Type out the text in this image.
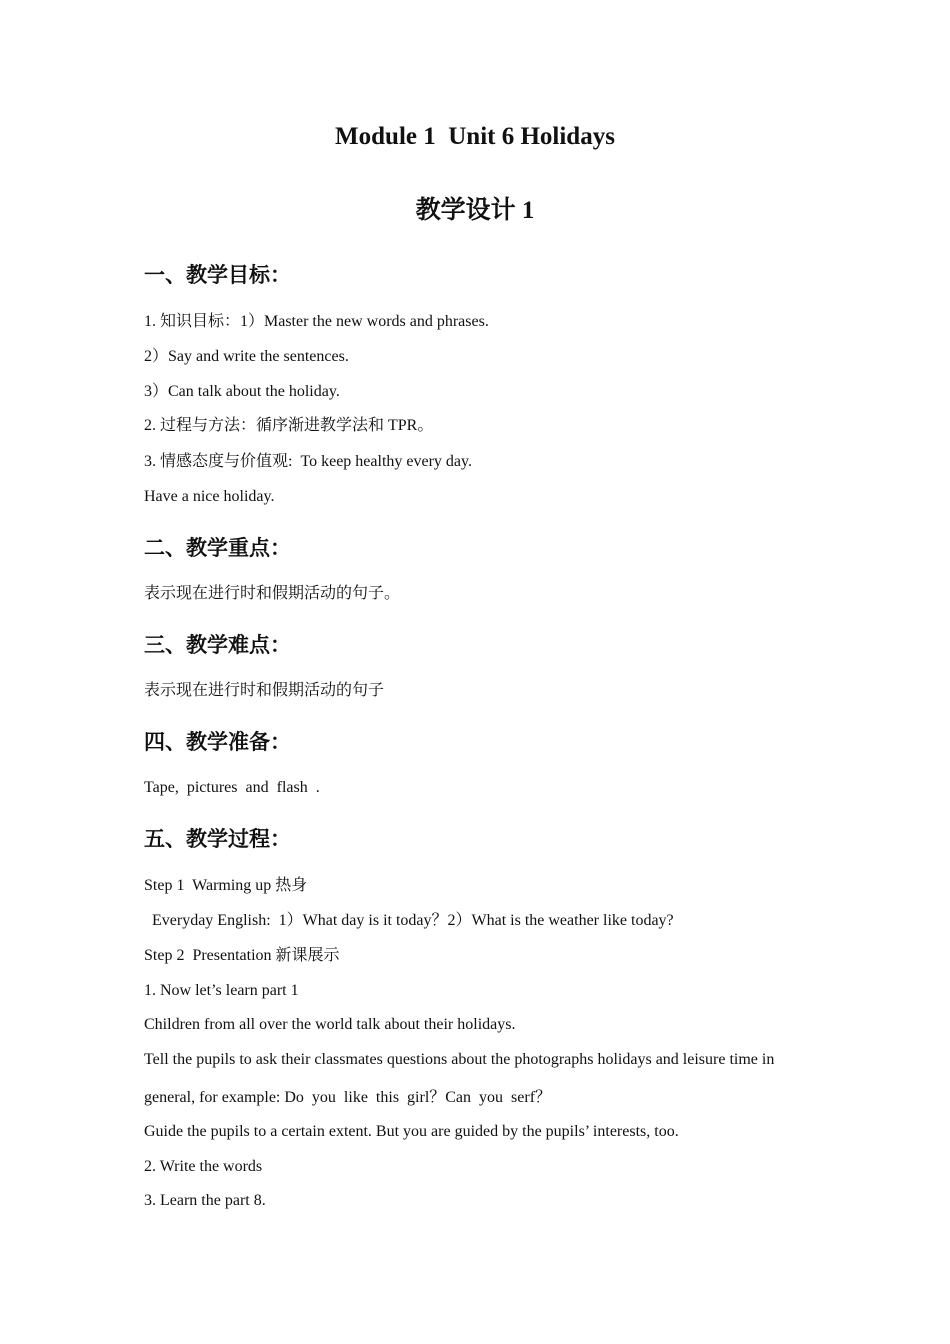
Module 1  Unit 6 Holidays
教学设计 1
一、教学目标：
1. 知识目标：1）Master the new words and phrases.
2）Say and write the sentences.
3）Can talk about the holiday.
2. 过程与方法：循序渐进教学法和 TPR。
3. 情感态度与价值观:  To keep healthy every day.
Have a nice holiday.
二、教学重点：
表示现在进行时和假期活动的句子。
三、教学难点：
表示现在进行时和假期活动的句子
四、教学准备：
Tape,  pictures  and  flash  .
五、教学过程：
Step 1  Warming up 热身
Everyday English:  1）What day is it today？2）What is the weather like today?
Step 2  Presentation 新课展示
1. Now let’s learn part 1
Children from all over the world talk about their holidays.
Tell the pupils to ask their classmates questions about the photographs holidays and leisure time in
general, for example: Do  you  like  this  girl？Can  you  serf？
Guide the pupils to a certain extent. But you are guided by the pupils’ interests, too.
2. Write the words
3. Learn the part 8.
